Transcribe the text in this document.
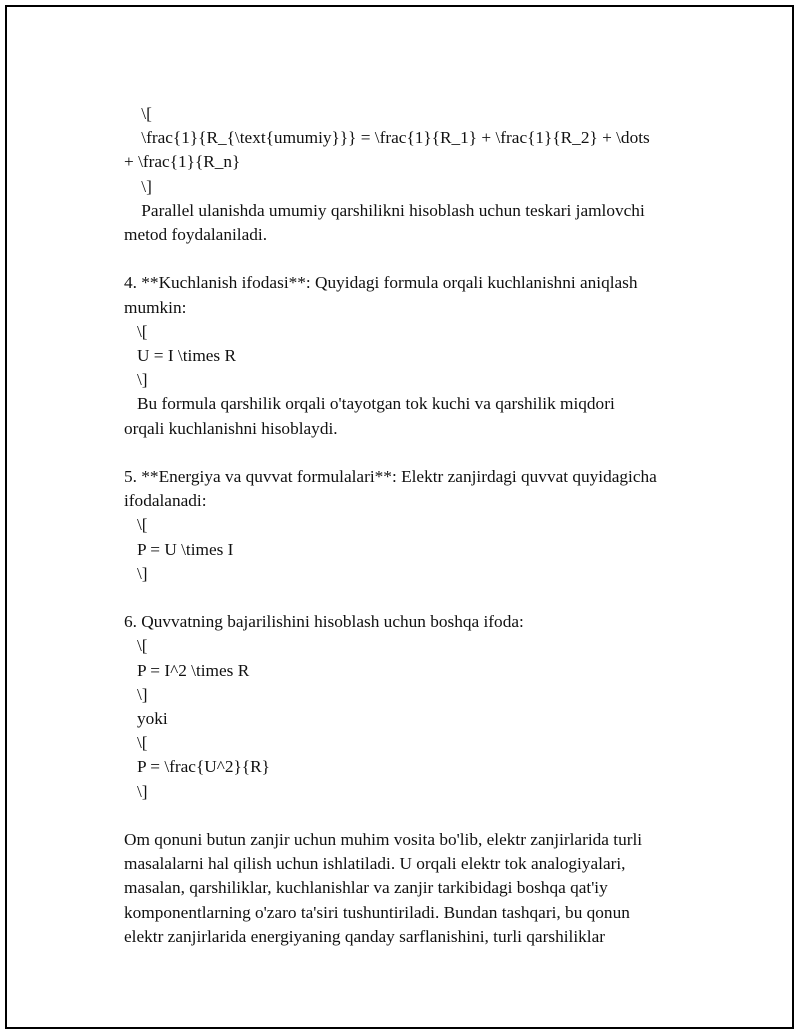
\[
\frac{1}{R_{\text{umumiy}}} = \frac{1}{R_1} + \frac{1}{R_2} + \dots
+ \frac{1}{R_n}
\]
Parallel ulanishda umumiy qarshilikni hisoblash uchun teskari jamlovchi
metod foydalaniladi.
4. **Kuchlanish ifodasi**: Quyidagi formula orqali kuchlanishni aniqlash
mumkin:
\[
U = I \times R
\]
Bu formula qarshilik orqali o'tayotgan tok kuchi va qarshilik miqdori
orqali kuchlanishni hisoblaydi.
5. **Energiya va quvvat formulalari**: Elektr zanjirdagi quvvat quyidagicha
ifodalanadi:
\[
P = U \times I
\]
6. Quvvatning bajarilishini hisoblash uchun boshqa ifoda:
\[
P = I^2 \times R
\]
yoki
\[
P = \frac{U^2}{R}
\]
Om qonuni butun zanjir uchun muhim vosita bo'lib, elektr zanjirlarida turli
masalalarni hal qilish uchun ishlatiladi. U orqali elektr tok analogiyalari,
masalan, qarshiliklar, kuchlanishlar va zanjir tarkibidagi boshqa qat'iy
komponentlarning o'zaro ta'siri tushuntiriladi. Bundan tashqari, bu qonun
elektr zanjirlarida energiyaning qanday sarflanishini, turli qarshiliklar
